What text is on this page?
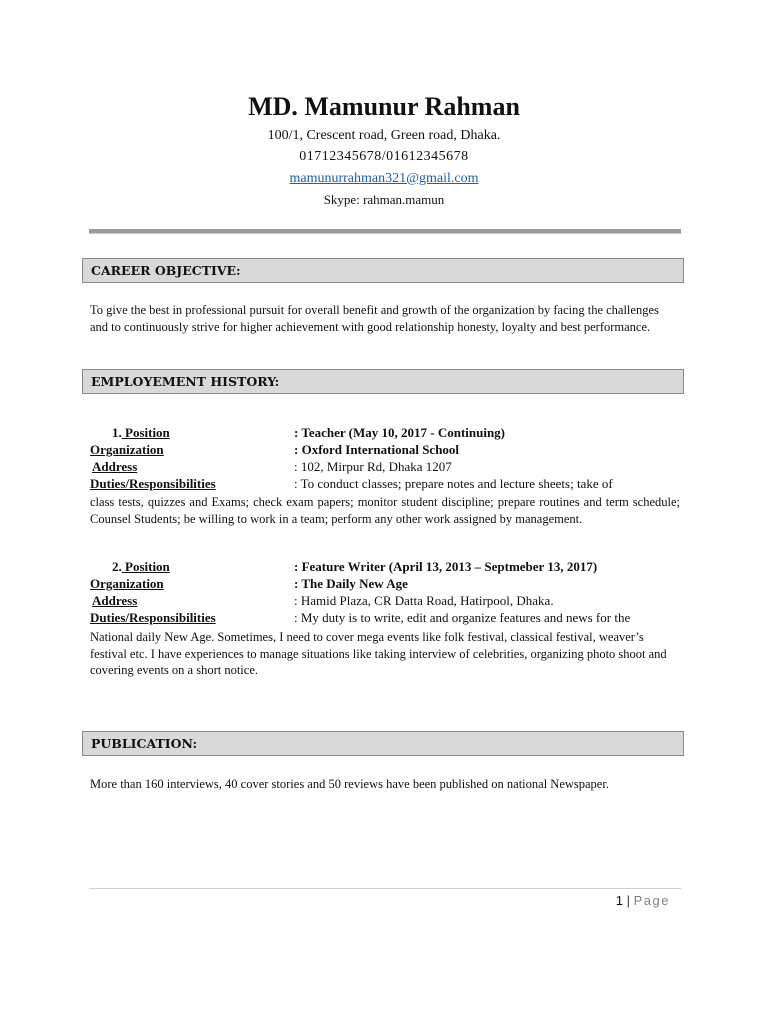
MD. Mamunur Rahman
100/1, Crescent road, Green road, Dhaka.
01712345678/01612345678
mamunurrahman321@gmail.com
Skype: rahman.mamun
CAREER OBJECTIVE:
To give the best in professional pursuit for overall benefit and growth of the organization by facing the challenges and to continuously strive for higher achievement with good relationship honesty, loyalty and best performance.
EMPLOYEMENT HISTORY:
1. Position	: Teacher (May 10, 2017 - Continuing)
Organization	: Oxford International School
Address	: 102, Mirpur Rd, Dhaka 1207
Duties/Responsibilities	: To conduct classes; prepare notes and lecture sheets; take of
class tests, quizzes and Exams; check exam papers; monitor student discipline; prepare routines and term schedule; Counsel Students; be willing to work in a team; perform any other work assigned by management.
2. Position	: Feature Writer (April 13, 2013 – Septmeber 13, 2017)
Organization	: The Daily New Age
Address	: Hamid Plaza, CR Datta Road, Hatirpool, Dhaka.
Duties/Responsibilities	: My duty is to write, edit and organize features and news for the
National daily New Age. Sometimes, I need to cover mega events like folk festival, classical festival, weaver’s festival etc. I have experiences to manage situations like taking interview of celebrities, organizing photo shoot and covering events on a short notice.
PUBLICATION:
More than 160 interviews, 40 cover stories and 50 reviews have been published on national Newspaper.
1 | Page
